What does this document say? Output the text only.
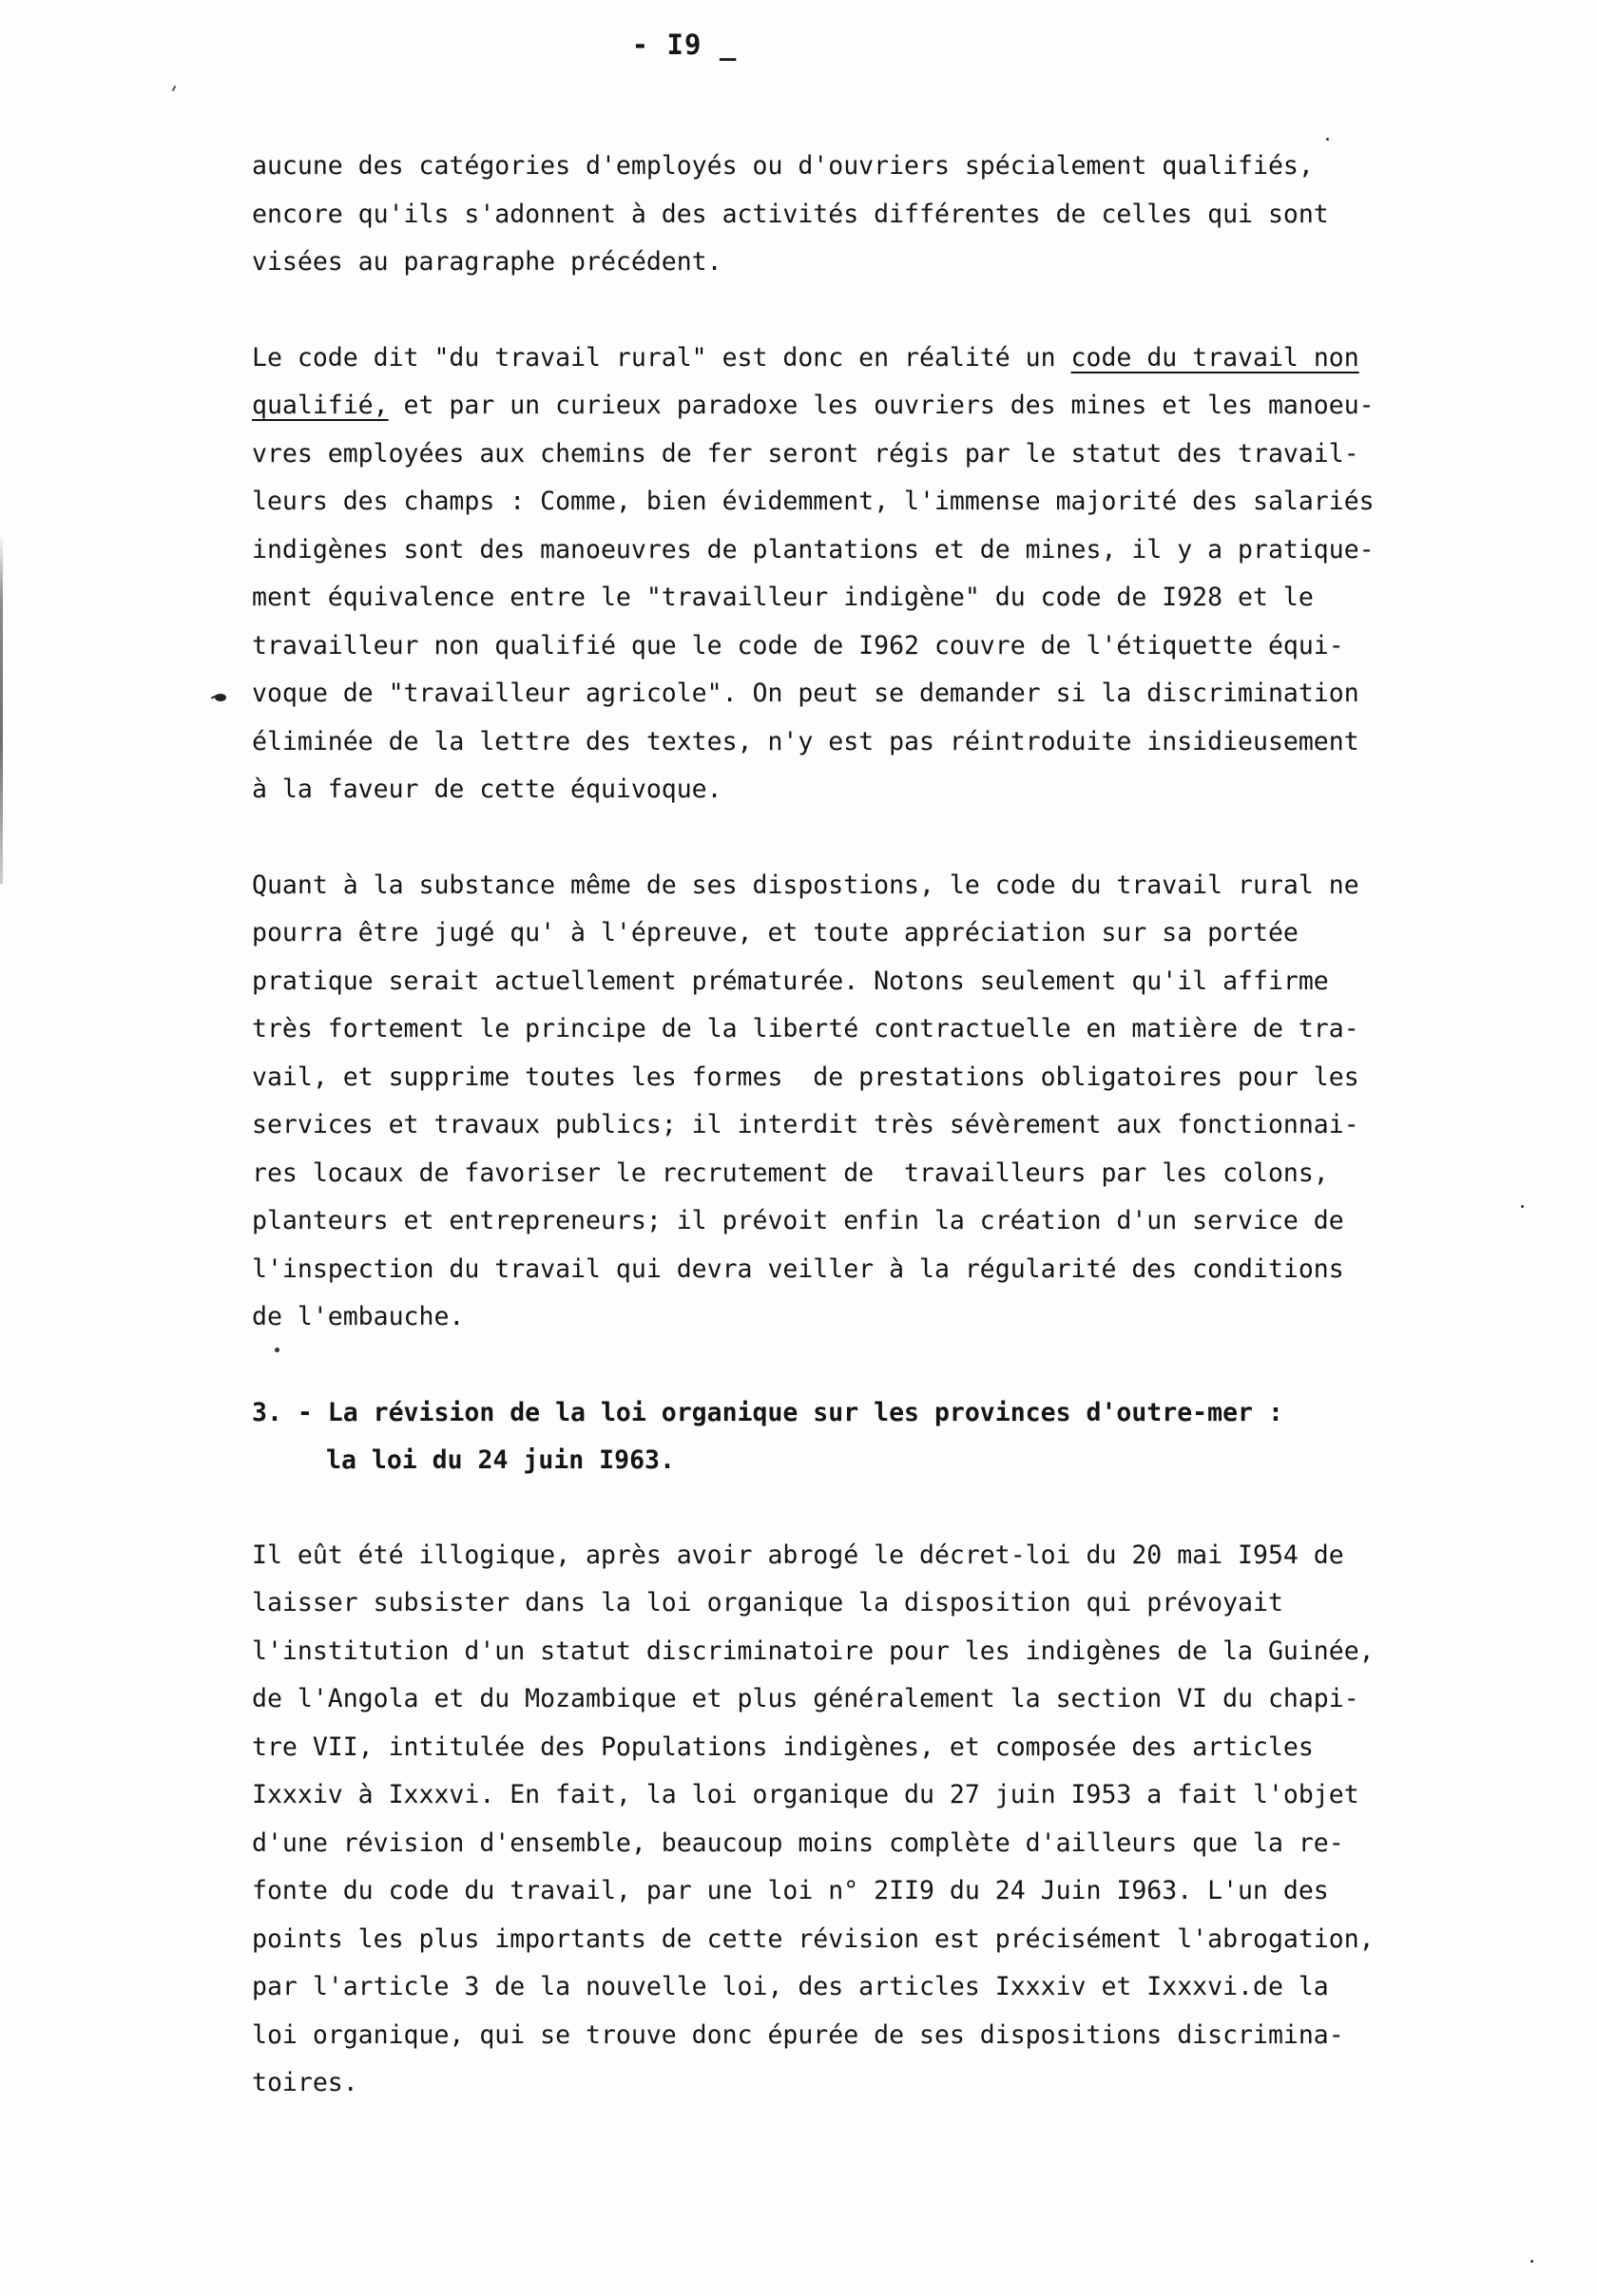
- I9 _

aucune des catégories d'employés ou d'ouvriers spécialement qualifiés,
encore qu'ils s'adonnent à des activités différentes de celles qui sont
visées au paragraphe précédent.

Le code dit "du travail rural" est donc en réalité un code du travail non
qualifié, et par un curieux paradoxe les ouvriers des mines et les manoeu-
vres employées aux chemins de fer seront régis par le statut des travail-
leurs des champs : Comme, bien évidemment, l'immense majorité des salariés
indigènes sont des manoeuvres de plantations et de mines, il y a pratique-
ment équivalence entre le "travailleur indigène" du code de I928 et le
travailleur non qualifié que le code de I962 couvre de l'étiquette équi-
voque de "travailleur agricole". On peut se demander si la discrimination
éliminée de la lettre des textes, n'y est pas réintroduite insidieusement
à la faveur de cette équivoque.

Quant à la substance même de ses dispostions, le code du travail rural ne
pourra être jugé qu' à l'épreuve, et toute appréciation sur sa portée
pratique serait actuellement prématurée. Notons seulement qu'il affirme
très fortement le principe de la liberté contractuelle en matière de tra-
vail, et supprime toutes les formes  de prestations obligatoires pour les
services et travaux publics; il interdit très sévèrement aux fonctionnai-
res locaux de favoriser le recrutement de  travailleurs par les colons,
planteurs et entrepreneurs; il prévoit enfin la création d'un service de
l'inspection du travail qui devra veiller à la régularité des conditions
de l'embauche.

3. - La révision de la loi organique sur les provinces d'outre-mer :
la loi du 24 juin I963.

Il eût été illogique, après avoir abrogé le décret-loi du 20 mai I954 de
laisser subsister dans la loi organique la disposition qui prévoyait
l'institution d'un statut discriminatoire pour les indigènes de la Guinée,
de l'Angola et du Mozambique et plus généralement la section VI du chapi-
tre VII, intitulée des Populations indigènes, et composée des articles
Ixxxiv à Ixxxvi. En fait, la loi organique du 27 juin I953 a fait l'objet
d'une révision d'ensemble, beaucoup moins complète d'ailleurs que la re-
fonte du code du travail, par une loi n° 2II9 du 24 Juin I963. L'un des
points les plus importants de cette révision est précisément l'abrogation,
par l'article 3 de la nouvelle loi, des articles Ixxxiv et Ixxxvi.de la
loi organique, qui se trouve donc épurée de ses dispositions discrimina-
toires.
